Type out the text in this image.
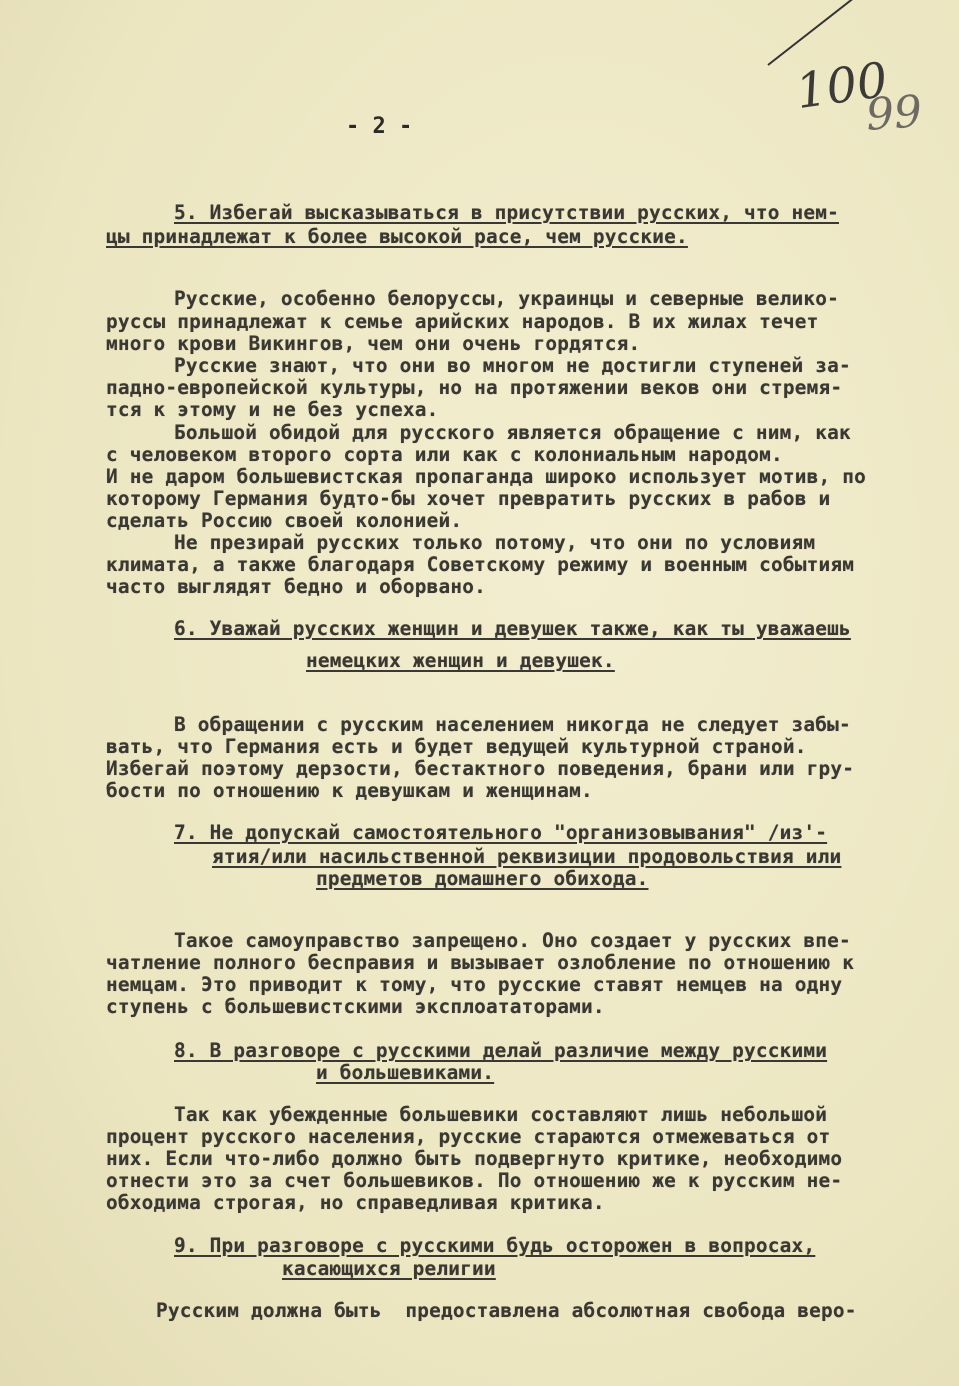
100
99
- 2 -
5. Избегай высказываться в присутствии русских, что нем-
цы принадлежат к более высокой расе, чем русские.
Русские, особенно белоруссы, украинцы и северные велико-
руссы принадлежат к семье арийских народов. В их жилах течет
много крови Викингов, чем они очень гордятся.
Русские знают, что они во многом не достигли ступеней за-
падно-европейской культуры, но на протяжении веков они стремя-
тся к этому и не без успеха.
Большой обидой для русского является обращение с ним, как
с человеком второго сорта или как с колониальным народом.
И не даром большевистская пропаганда широко использует мотив, по
которому Германия будто-бы хочет превратить русских в рабов и
сделать Россию своей колонией.
Не презирай русских только потому, что они по условиям
климата, а также благодаря Советскому режиму и военным событиям
часто выглядят бедно и оборвано.
6. Уважай русских женщин и девушек также, как ты уважаешь
немецких женщин и девушек.
В обращении с русским населением никогда не следует забы-
вать, что Германия есть и будет ведущей культурной страной.
Избегай поэтому дерзости, бестактного поведения, брани или гру-
бости по отношению к девушкам и женщинам.
7. Не допускай самостоятельного "организовывания" /из'-
ятия/или насильственной реквизиции продовольствия или
предметов домашнего обихода.
Такое самоуправство запрещено. Оно создает у русских впе-
чатление полного бесправия и вызывает озлобление по отношению к
немцам. Это приводит к тому, что русские ставят немцев на одну
ступень с большевистскими эксплоататорами.
8. В разговоре с русскими делай различие между русскими
и большевиками.
Так как убежденные большевики составляют лишь небольшой
процент русского населения, русские стараются отмежеваться от
них. Если что-либо должно быть подвергнуто критике, необходимо
отнести это за счет большевиков. По отношению же к русским не-
обходима строгая, но справедливая критика.
9. При разговоре с русскими будь осторожен в вопросах,
касающихся религии
Русским должна быть  предоставлена абсолютная свобода веро-
